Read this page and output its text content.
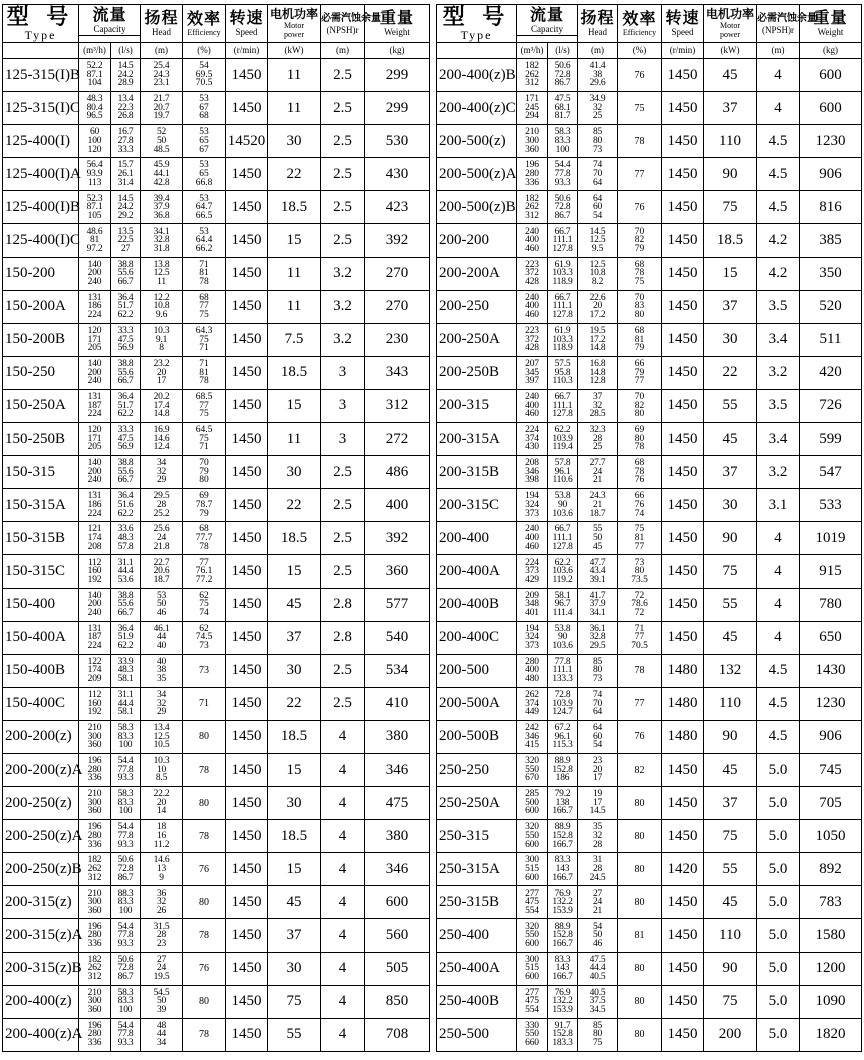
型 号
Type	流量
Capacity		扬程
Head	效率
Efficiency	转速
Speed	电机功率
Motor
power	必需汽蚀余量
(NPSH)r	重量
Weight

	(m³/h)	(l/s)	(m)	(%)	(r/min)	(kW)	(m)	(kg)
125-315(I)B	52.2
87.1
104	14.5
24.2
28.9	25.4
24.3
23.1	54
69.5
70.5	1450	11	2.5	299
125-315(I)C	48.3
80.4
96.5	13.4
22.3
26.8	21.7
20.7
19.7	53
67
68	1450	11	2.5	299
125-400(I)	60
100
120	16.7
27.8
33.3	52
50
48.5	53
65
67	14520	30	2.5	530
125-400(I)A	56.4
93.9
113	15.7
26.1
31.4	45.9
44.1
42.8	53
65
66.8	1450	22	2.5	430
125-400(I)B	52.3
87.1
105	14.5
24.2
29.2	39.4
37.9
36.8	53
64.7
66.5	1450	18.5	2.5	423
125-400(I)C	48.6
81
97.2	13.5
22.5
27	34.1
32.8
31.8	53
64.4
66.2	1450	15	2.5	392
150-200	140
200
240	38.8
55.6
66.7	13.8
12.5
11	71
81
78	1450	11	3.2	270
150-200A	131
186
224	36.4
51.7
62.2	12.2
10.8
9.6	68
77
75	1450	11	3.2	270
150-200B	120
171
205	33.3
47.5
56.9	10.3
9.1
8	64.3
75
71	1450	7.5	3.2	230
150-250	140
200
240	38.8
55.6
66.7	23.2
20
17	71
81
78	1450	18.5	3	343
150-250A	131
187
224	36.4
51.7
62.2	20.2
17.4
14.8	68.5
77
75	1450	15	3	312
150-250B	120
171
205	33.3
47.5
56.9	16.9
14.6
12.4	64.5
75
71	1450	11	3	272
150-315	140
200
240	38.8
55.6
66.7	34
32
29	70
79
80	1450	30	2.5	486
150-315A	131
186
224	36.4
51.6
62.2	29.5
28
25.2	69
78.7
79	1450	22	2.5	400
150-315B	121
174
208	33.6
48.3
57.8	25.6
24
21.8	68
77.7
78	1450	18.5	2.5	392
150-315C	112
160
192	31.1
44.4
53.6	22.7
20.6
18.7	77
76.1
77.2	1450	15	2.5	360
150-400	140
200
240	38.8
55.6
66.7	53
50
46	62
75
74	1450	45	2.8	577
150-400A	131
187
224	36.4
51.9
62.2	46.1
44
40	62
74.5
73	1450	37	2.8	540
150-400B	122
174
209	33.9
48.3
58.1	40
38
35	73	1450	30	2.5	534
150-400C	112
160
192	31.1
44.4
58.1	34
32
29	71	1450	22	2.5	410
200-200(z)	210
300
360	58.3
83.3
100	13.4
12.5
10.5	80	1450	18.5	4	380
200-200(z)A	196
280
336	54.4
77.8
93.3	10.3
10
8.5	78	1450	15	4	346
200-250(z)	210
300
360	58.3
83.3
100	22.2
20
14	80	1450	30	4	475
200-250(z)A	196
280
336	54.4
77.8
93.3	18
16
11.2	78	1450	18.5	4	380
200-250(z)B	182
262
312	50.6
72.8
86.7	14.6
13
9	76	1450	15	4	346
200-315(z)	210
300
360	88.3
83.3
100	36
32
26	80	1450	45	4	600
200-315(z)A	196
280
336	54.4
77.8
93.3	31.5
28
23	78	1450	37	4	560
200-315(z)B	182
262
312	50.6
72.8
86.7	27
24
19.5	76	1450	30	4	505
200-400(z)	210
300
360	58.3
83.3
100	54.5
50
39	80	1450	75	4	850
200-400(z)A	196
280
336	54.4
77.8
93.3	48
44
34	78	1450	55	4	708
型 号
Type	流量
Capacity		扬程
Head	效率
Efficiency	转速
Speed	电机功率
Motor
power	必需汽蚀余量
(NPSH)r	重量
Weight

	(m³/h)	(l/s)	(m)	(%)	(r/min)	(kW)	(m)	(kg)
200-400(z)B	182
262
312	50.6
72.8
86.7	41.4
38
29.6	76	1450	45	4	600
200-400(z)C	171
245
294	47.5
68.1
81.7	34.9
32
25	75	1450	37	4	600
200-500(z)	210
300
360	58.3
83.3
100	85
80
73	78	1450	110	4.5	1230
200-500(z)A	196
280
336	54.4
77.8
93.3	74
70
64	77	1450	90	4.5	906
200-500(z)B	182
262
312	50.6
72.8
86.7	64
60
54	76	1450	75	4.5	816
200-200	240
400
460	66.7
111.1
127.8	14.5
12.5
9.5	70
82
79	1450	18.5	4.2	385
200-200A	223
372
428	61.9
103.3
118.9	12.5
10.8
8.2	68
78
75	1450	15	4.2	350
200-250	240
400
460	66.7
111.1
127.8	22.6
20
17.2	70
83
80	1450	37	3.5	520
200-250A	223
372
428	61.9
103.3
118.9	19.5
17.2
14.8	68
81
79	1450	30	3.4	511
200-250B	207
345
397	57.5
95.8
110.3	16.8
14.8
12.8	66
79
77	1450	22	3.2	420
200-315	240
400
460	66.7
111.1
127.8	37
32
28.5	70
82
80	1450	55	3.5	726
200-315A	224
374
430	62.2
103.9
119.4	32.3
28
25	69
80
78	1450	45	3.4	599
200-315B	208
346
398	57.8
96.1
110.6	27.7
24
21	68
78
76	1450	37	3.2	547
200-315C	194
324
373	53.8
90
103.6	24.3
21
18.7	66
76
74	1450	30	3.1	533
200-400	240
400
460	66.7
111.1
127.8	55
50
45	75
81
77	1450	90	4	1019
200-400A	224
373
429	62.2
103.6
119.2	47.7
43.4
39.1	73
80
73.5	1450	75	4	915
200-400B	209
348
401	58.1
96.7
111.4	41.7
37.9
34.1	72
78.6
72	1450	55	4	780
200-400C	194
324
373	53.8
90
103.6	36.1
32.8
29.5	71
77
70.5	1450	45	4	650
200-500	280
400
480	77.8
111.1
133.3	85
80
73	78	1480	132	4.5	1430
200-500A	262
374
449	72.8
103.9
124.7	74
70
64	77	1480	110	4.5	1230
200-500B	242
346
415	67.2
96.1
115.3	64
60
54	76	1480	90	4.5	906
250-250	320
550
670	88.9
152.8
186	23
20
17	82	1450	45	5.0	745
250-250A	285
500
600	79.2
138
166.7	19
17
14.5	80	1450	37	5.0	705
250-315	320
550
600	88.9
152.8
166.7	35
32
28	80	1450	75	5.0	1050
250-315A	300
515
600	83.3
143
166.7	31
28
24.5	80	1420	55	5.0	892
250-315B	277
475
554	76.9
132.2
153.9	27
24
21	80	1450	45	5.0	783
250-400	320
550
600	88.9
152.8
166.7	54
50
46	81	1450	110	5.0	1580
250-400A	300
515
600	83.3
143
166.7	47.5
44.4
40.5	80	1450	90	5.0	1200
250-400B	277
475
554	76.9
132.2
153.9	40.5
37.5
34.5	80	1450	75	5.0	1090
250-500	330
550
660	91.7
152.8
183.3	85
80
75	80	1450	200	5.0	1820
